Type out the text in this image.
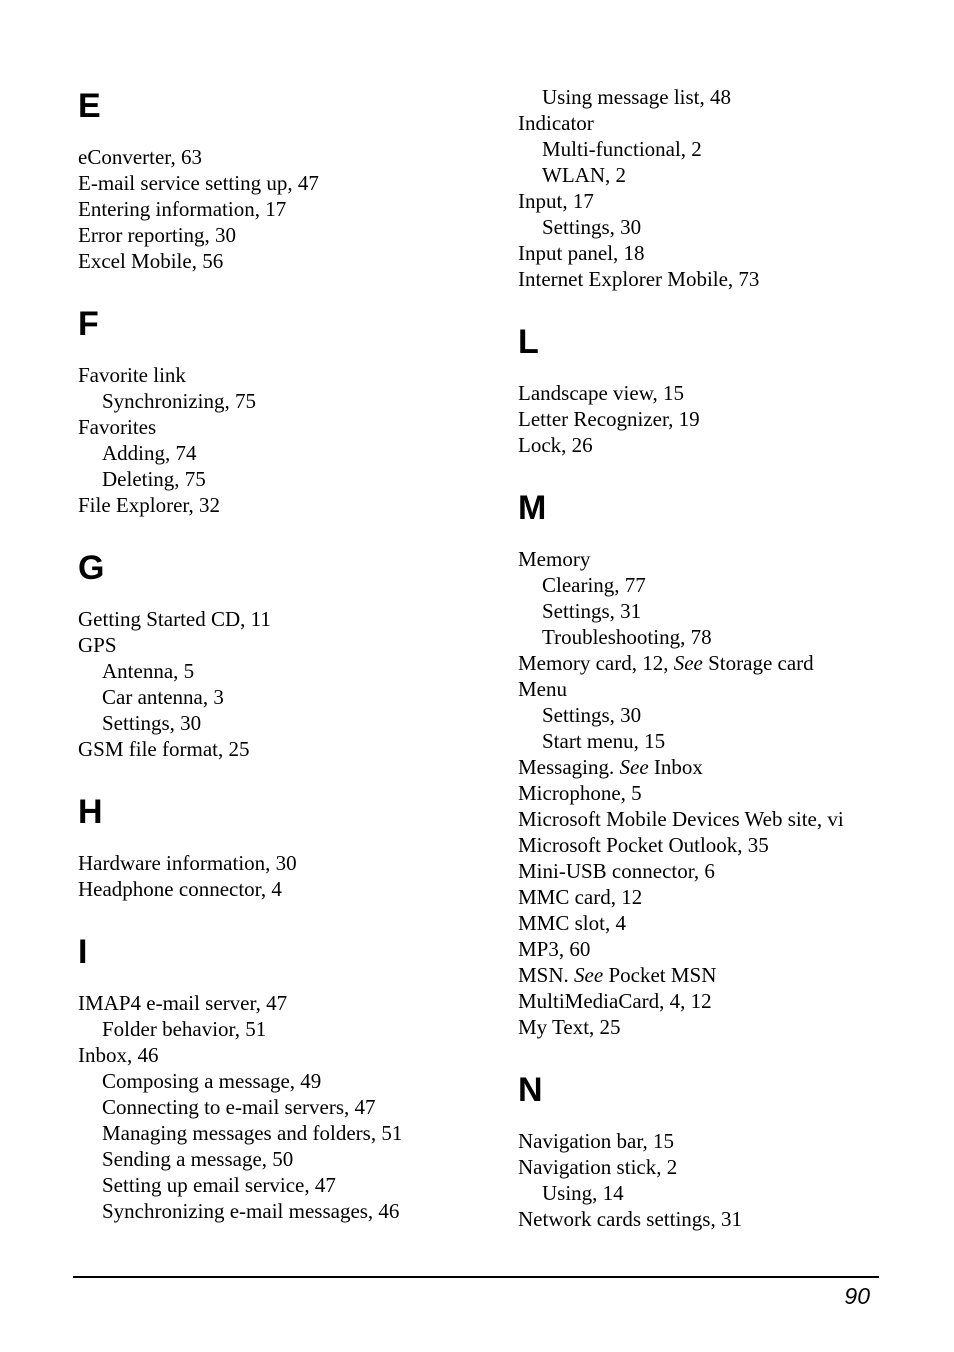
E
eConverter, 63
E-mail service setting up, 47
Entering information, 17
Error reporting, 30
Excel Mobile, 56
F
Favorite link
Synchronizing, 75
Favorites
Adding, 74
Deleting, 75
File Explorer, 32
G
Getting Started CD, 11
GPS
Antenna, 5
Car antenna, 3
Settings, 30
GSM file format, 25
H
Hardware information, 30
Headphone connector, 4
I
IMAP4 e-mail server, 47
Folder behavior, 51
Inbox, 46
Composing a message, 49
Connecting to e-mail servers, 47
Managing messages and folders, 51
Sending a message, 50
Setting up email service, 47
Synchronizing e-mail messages, 46
Using message list, 48
Indicator
Multi-functional, 2
WLAN, 2
Input, 17
Settings, 30
Input panel, 18
Internet Explorer Mobile, 73
L
Landscape view, 15
Letter Recognizer, 19
Lock, 26
M
Memory
Clearing, 77
Settings, 31
Troubleshooting, 78
Memory card, 12, See Storage card
Menu
Settings, 30
Start menu, 15
Messaging. See Inbox
Microphone, 5
Microsoft Mobile Devices Web site, vi
Microsoft Pocket Outlook, 35
Mini-USB connector, 6
MMC card, 12
MMC slot, 4
MP3, 60
MSN. See Pocket MSN
MultiMediaCard, 4, 12
My Text, 25
N
Navigation bar, 15
Navigation stick, 2
Using, 14
Network cards settings, 31
90
